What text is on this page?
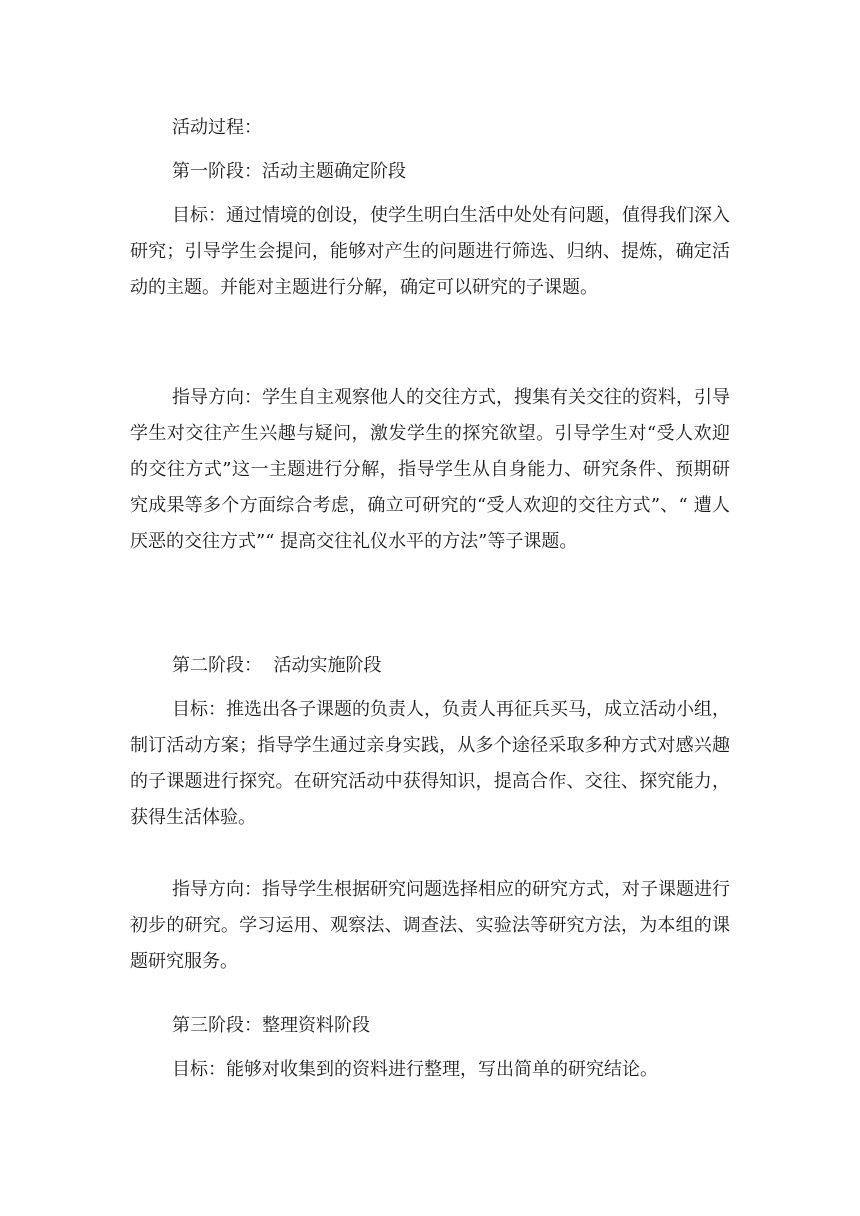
活动过程：
第一阶段：活动主题确定阶段
目标：通过情境的创设，使学生明白生活中处处有问题，值得我们深入研究；引导学生会提问，能够对产生的问题进行筛选、归纳、提炼，确定活动的主题。并能对主题进行分解，确定可以研究的子课题。
指导方向：学生自主观察他人的交往方式，搜集有关交往的资料，引导学生对交往产生兴趣与疑问，激发学生的探究欲望。引导学生对“受人欢迎的交往方式”这一主题进行分解，指导学生从自身能力、研究条件、预期研究成果等多个方面综合考虑，确立可研究的“受人欢迎的交往方式”、“ 遭人厌恶的交往方式”“ 提高交往礼仪水平的方法”等子课题。
第二阶段：  活动实施阶段
目标：推选出各子课题的负责人，负责人再征兵买马，成立活动小组，制订活动方案；指导学生通过亲身实践，从多个途径采取多种方式对感兴趣的子课题进行探究。在研究活动中获得知识，提高合作、交往、探究能力，获得生活体验。
指导方向：指导学生根据研究问题选择相应的研究方式，对子课题进行初步的研究。学习运用、观察法、调查法、实验法等研究方法，为本组的课题研究服务。
第三阶段：整理资料阶段
目标：能够对收集到的资料进行整理，写出简单的研究结论。
